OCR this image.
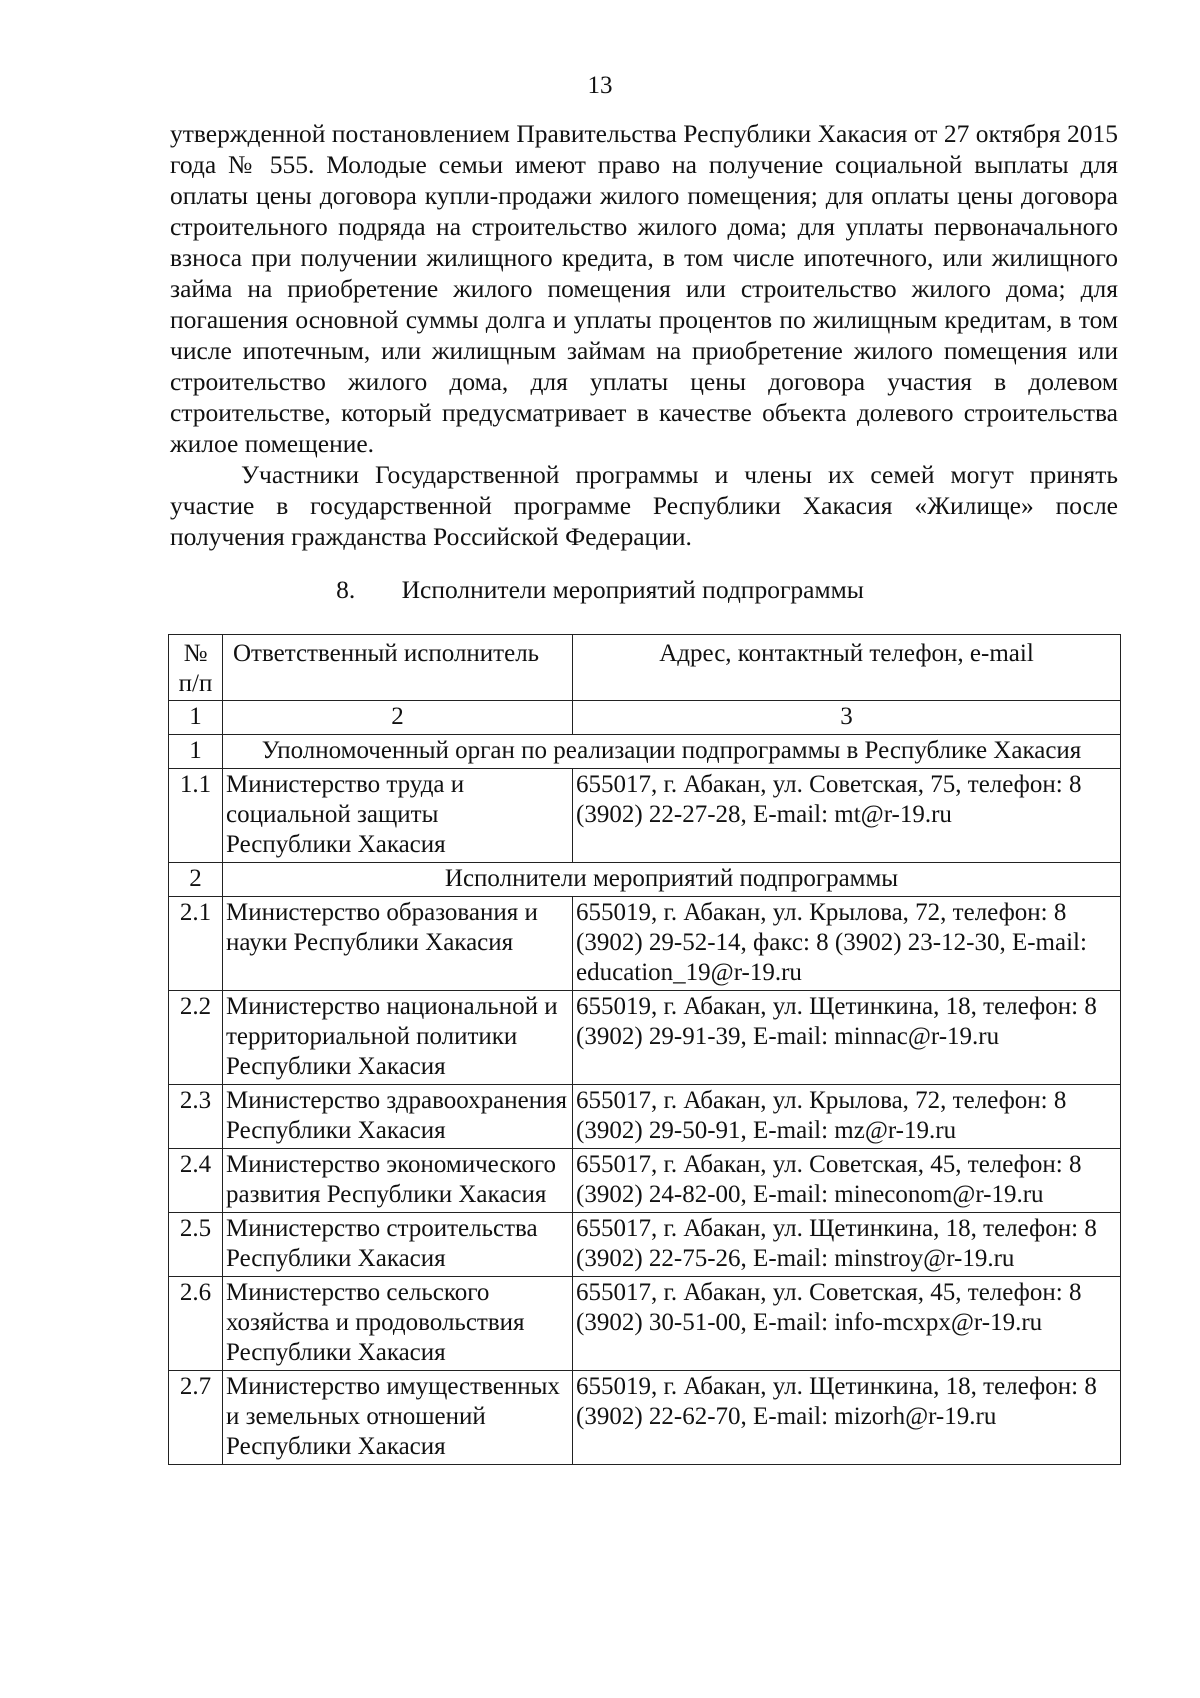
13

утвержденной постановлением Правительства Республики Хакасия от 27 октября 2015 года № 555. Молодые семьи имеют право на получение социальной выплаты для оплаты цены договора купли-продажи жилого помещения; для оплаты цены договора строительного подряда на строительство жилого дома; для уплаты первоначального взноса при получении жилищного кредита, в том числе ипотечного, или жилищного займа на приобретение жилого помещения или строительство жилого дома; для погашения основной суммы долга и уплаты процентов по жилищным кредитам, в том числе ипотечным, или жилищным займам на приобретение жилого помещения или строительство жилого дома, для уплаты цены договора участия в долевом строительстве, который предусматривает в качестве объекта долевого строительства жилое помещение.

Участники Государственной программы и члены их семей могут принять участие в государственной программе Республики Хакасия «Жилище» после получения гражданства Российской Федерации.

8. Исполнители мероприятий подпрограммы
№ п/п	Ответственный исполнитель	Адрес, контактный телефон, e-mail
1	2	3
1	Уполномоченный орган по реализации подпрограммы в Республике Хакасия	
1.1	Министерство труда и социальной защиты Республики Хакасия	655017, г. Абакан, ул. Советская, 75, телефон: 8 (3902) 22-27-28, E-mail: mt@r-19.ru
2	Исполнители мероприятий подпрограммы	
2.1	Министерство образования и науки Республики Хакасия	655019, г. Абакан, ул. Крылова, 72, телефон: 8 (3902) 29-52-14, факс: 8 (3902) 23-12-30, E-mail: education_19@r-19.ru
2.2	Министерство национальной и территориальной политики Республики Хакасия	655019, г. Абакан, ул. Щетинкина, 18, телефон: 8 (3902) 29-91-39, E-mail: minnac@r-19.ru
2.3	Министерство здравоохранения Республики Хакасия	655017, г. Абакан, ул. Крылова, 72, телефон: 8 (3902) 29-50-91, E-mail: mz@r-19.ru
2.4	Министерство экономического развития Республики Хакасия	655017, г. Абакан, ул. Советская, 45, телефон: 8 (3902) 24-82-00, E-mail: mineconom@r-19.ru
2.5	Министерство строительства Республики Хакасия	655017, г. Абакан, ул. Щетинкина, 18, телефон: 8 (3902) 22-75-26, E-mail: minstroy@r-19.ru
2.6	Министерство сельского хозяйства и продовольствия Республики Хакасия	655017, г. Абакан, ул. Советская, 45, телефон: 8 (3902) 30-51-00, E-mail: info-mcxpx@r-19.ru
2.7	Министерство имущественных и земельных отношений Республики Хакасия	655019, г. Абакан, ул. Щетинкина, 18, телефон: 8 (3902) 22-62-70, E-mail: mizorh@r-19.ru
